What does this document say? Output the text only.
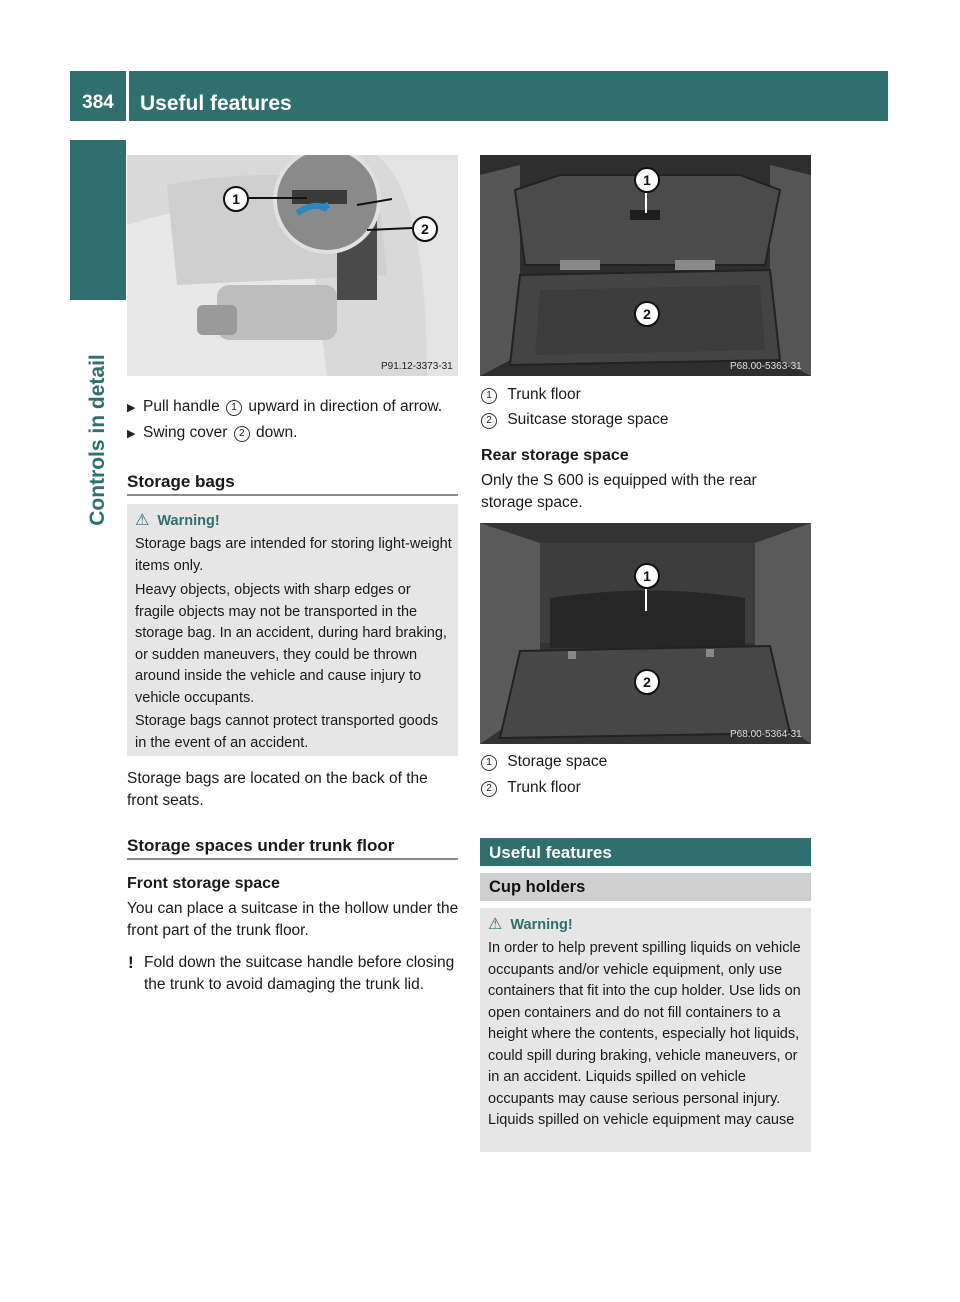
384	Useful features
Controls in detail
1
2
P91.12-3373-31
▶ Pull handle 1 upward in direction of arrow.
▶ Swing cover 2 down.
Storage bags
⚠ Warning!
Storage bags are intended for storing light-weight items only.
Heavy objects, objects with sharp edges or fragile objects may not be transported in the storage bag. In an accident, during hard braking, or sudden maneuvers, they could be thrown around inside the vehicle and cause injury to vehicle occupants.
Storage bags cannot protect transported goods in the event of an accident.
Storage bags are located on the back of the front seats.
Storage spaces under trunk floor
Front storage space
You can place a suitcase in the hollow under the front part of the trunk floor.
! Fold down the suitcase handle before closing the trunk to avoid damaging the trunk lid.
1
2
P68.00-5363-31
1 Trunk floor
2 Suitcase storage space
Rear storage space
Only the S 600 is equipped with the rear storage space.
1
2
P68.00-5364-31
1 Storage space
2 Trunk floor
Useful features
Cup holders
⚠ Warning!
In order to help prevent spilling liquids on vehicle occupants and/or vehicle equipment, only use containers that fit into the cup holder. Use lids on open containers and do not fill containers to a height where the contents, especially hot liquids, could spill during braking, vehicle maneuvers, or in an accident. Liquids spilled on vehicle occupants may cause serious personal injury. Liquids spilled on vehicle equipment may cause
